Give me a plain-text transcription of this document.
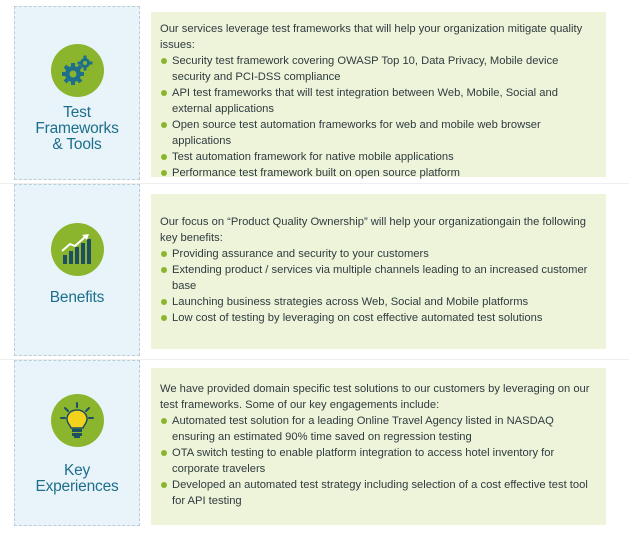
Test
Frameworks
& Tools

Our services leverage test frameworks that will help your organization mitigate quality issues:

Security test framework covering OWASP Top 10, Data Privacy, Mobile device security and PCI-DSS compliance
API test frameworks that will test integration between Web, Mobile, Social and external applications
Open source test automation frameworks for web and mobile web browser applications
Test automation framework for native mobile applications
Performance test framework built on open source platform
Benefits

Our focus on “Product Quality Ownership” will help your organizationgain the following key benefits:

Providing assurance and security to your customers
Extending product / services via multiple channels leading to an increased customer base
Launching business strategies across Web, Social and Mobile platforms
Low cost of testing by leveraging on cost effective automated test solutions
Key
Experiences

We have provided domain specific test solutions to our customers by leveraging on our test frameworks. Some of our key engagements include:

Automated test solution for a leading Online Travel Agency listed in NASDAQ ensuring an estimated 90% time saved on regression testing
OTA switch testing to enable platform integration to access hotel inventory for corporate travelers
Developed an automated test strategy including selection of a cost effective test tool for API testing
